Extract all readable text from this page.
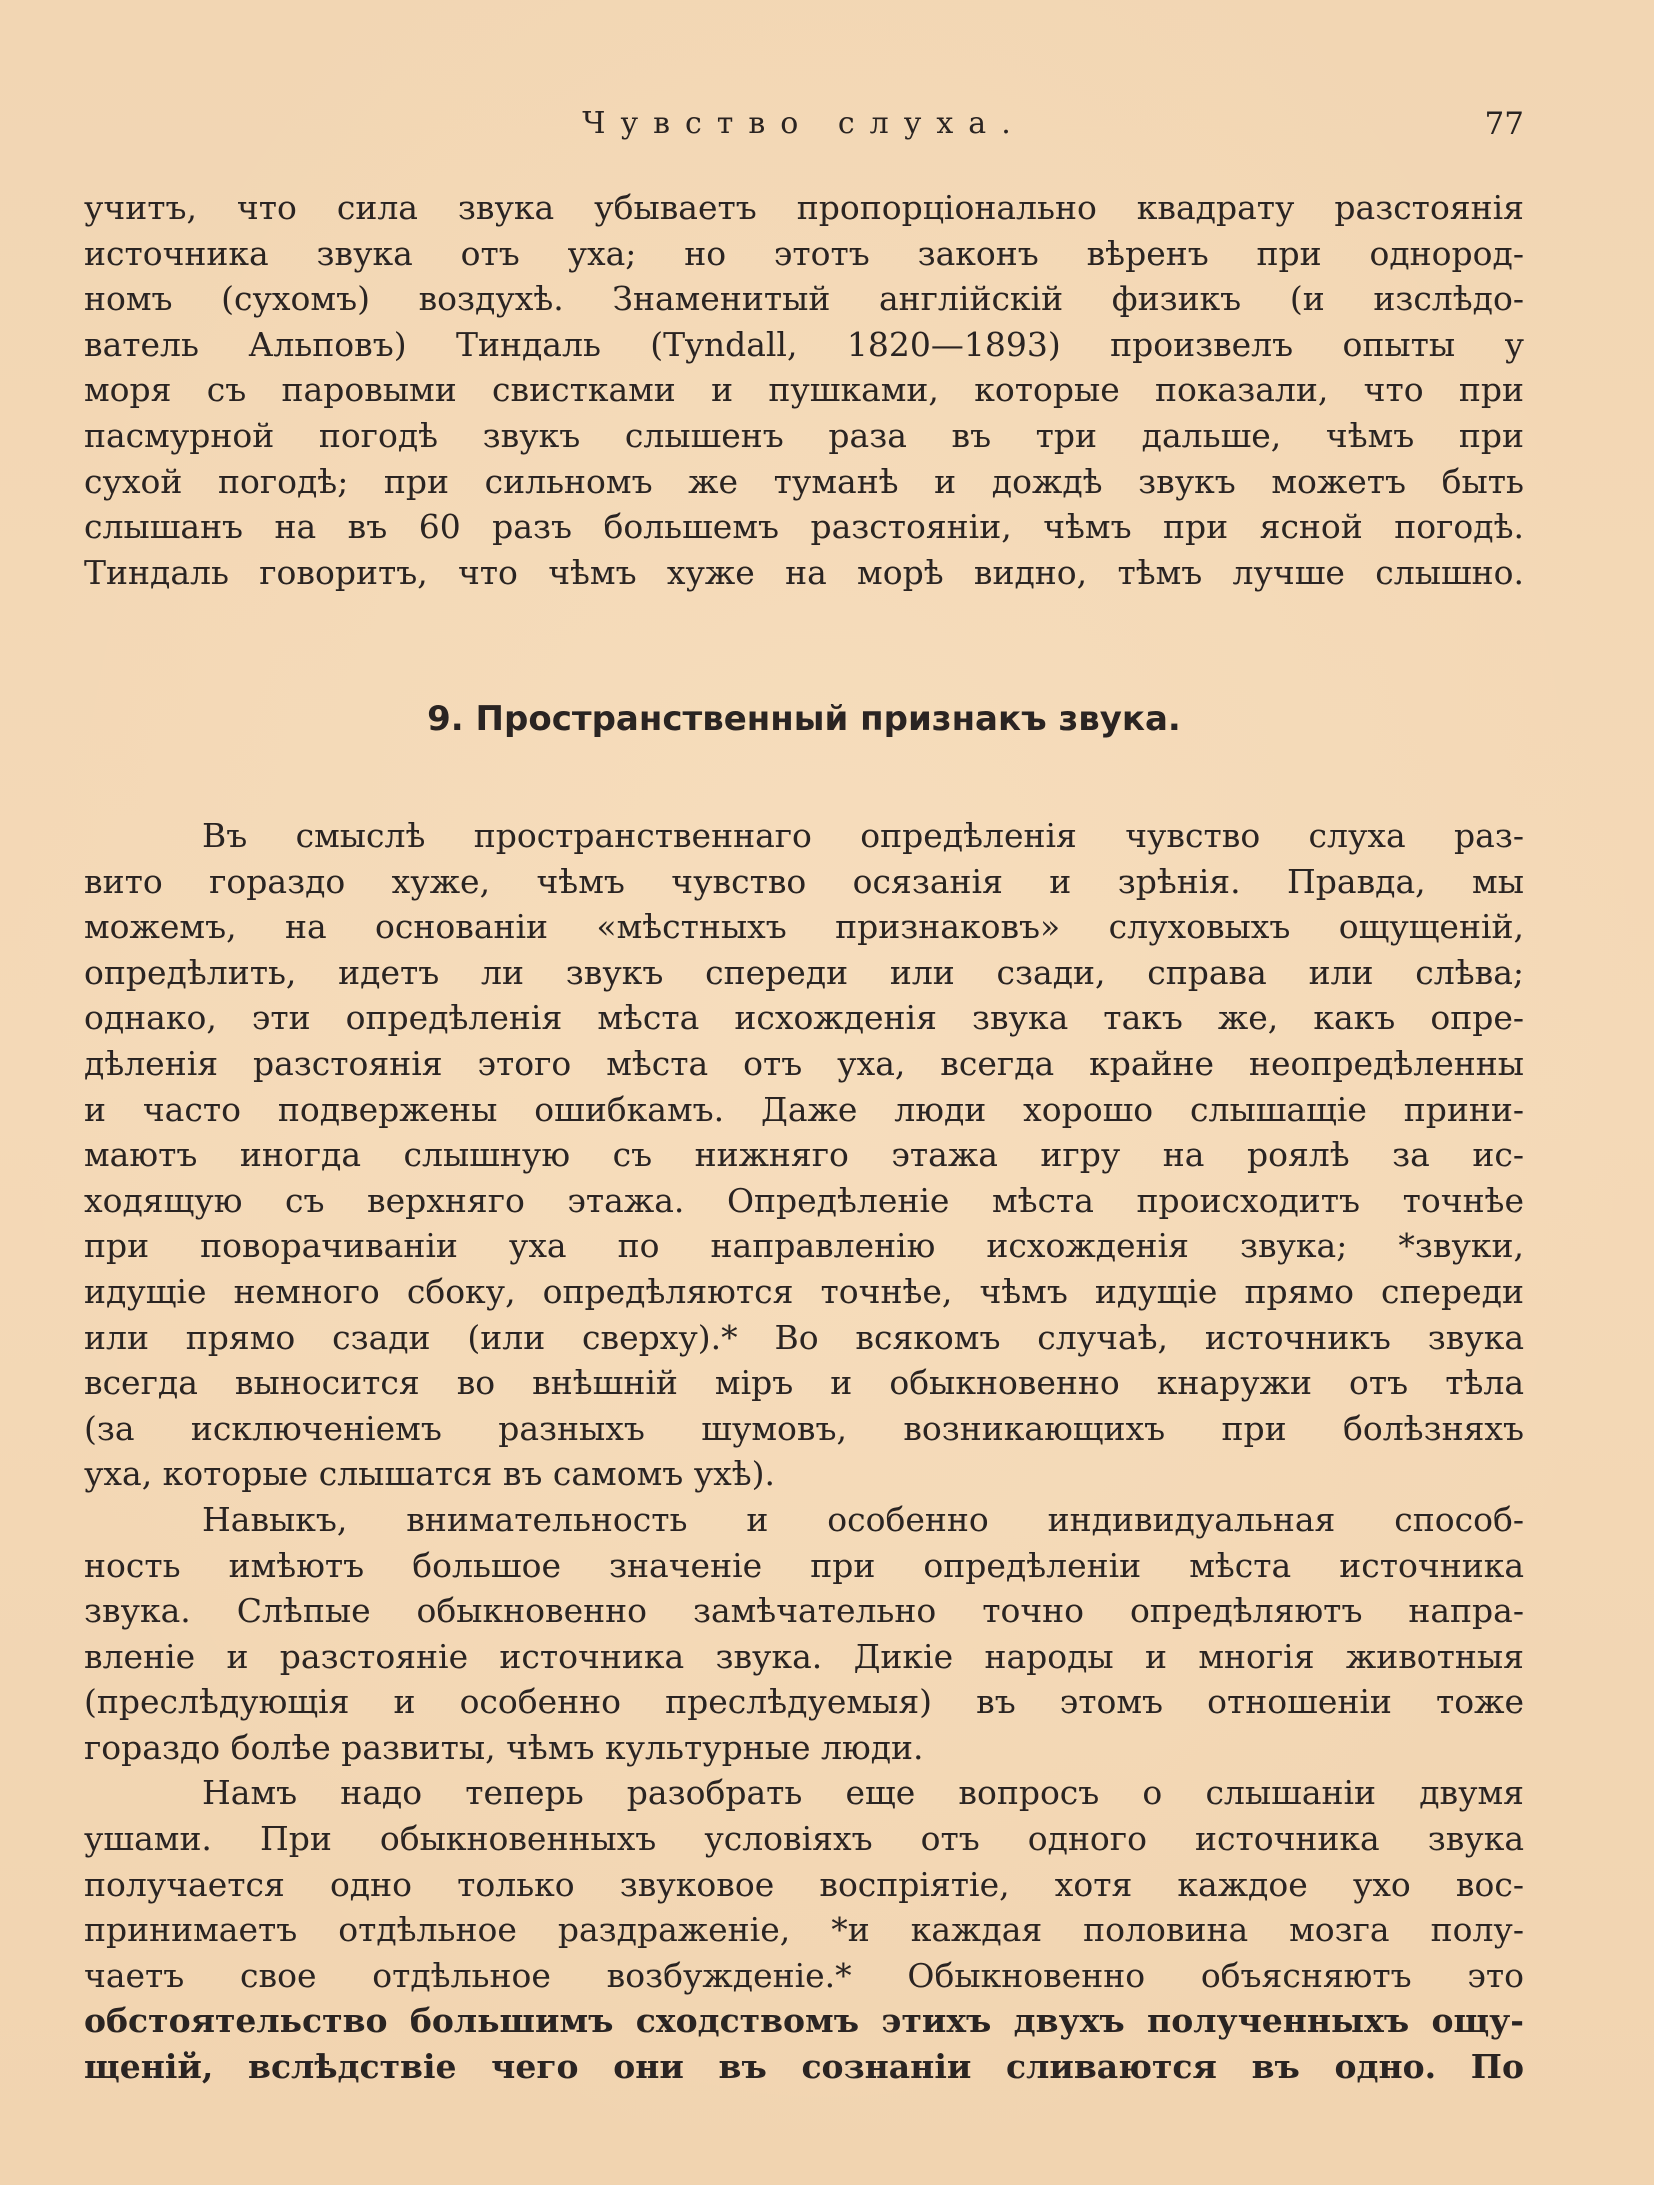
Чувство слуха.	77
учитъ, что сила звука убываетъ пропорціонально квадрату разстоянія
источника звука отъ уха; но этотъ законъ вѣренъ при однород-
номъ (сухомъ) воздухѣ. Знаменитый англійскій физикъ (и изслѣдо-
ватель Альповъ) Тиндаль (Tyndall, 1820—1893) произвелъ опыты у
моря съ паровыми свистками и пушками, которые показали, что при
пасмурной погодѣ звукъ слышенъ раза въ три дальше, чѣмъ при
сухой погодѣ; при сильномъ же туманѣ и дождѣ звукъ можетъ быть
слышанъ на въ 60 разъ большемъ разстояніи, чѣмъ при ясной погодѣ.
Тиндаль говоритъ, что чѣмъ хуже на морѣ видно, тѣмъ лучше слышно.
9. Пространственный признакъ звука.
Въ смыслѣ пространственнаго опредѣленія чувство слуха раз-
вито гораздо хуже, чѣмъ чувство осязанія и зрѣнія. Правда, мы
можемъ, на основаніи «мѣстныхъ признаковъ» слуховыхъ ощущеній,
опредѣлить, идетъ ли звукъ спереди или сзади, справа или слѣва;
однако, эти опредѣленія мѣста исхожденія звука такъ же, какъ опре-
дѣленія разстоянія этого мѣста отъ уха, всегда крайне неопредѣленны
и часто подвержены ошибкамъ. Даже люди хорошо слышащіе прини-
маютъ иногда слышную съ нижняго этажа игру на роялѣ за ис-
ходящую съ верхняго этажа. Опредѣленіе мѣста происходитъ точнѣе
при поворачиваніи уха по направленію исхожденія звука; *звуки,
идущіе немного сбоку, опредѣляются точнѣе, чѣмъ идущіе прямо спереди
или прямо сзади (или сверху).* Во всякомъ случаѣ, источникъ звука
всегда выносится во внѣшній міръ и обыкновенно кнаружи отъ тѣла
(за исключеніемъ разныхъ шумовъ, возникающихъ при болѣзняхъ
уха, которые слышатся въ самомъ ухѣ).
Навыкъ, внимательность и особенно индивидуальная способ-
ность имѣютъ большое значеніе при опредѣленіи мѣста источника
звука. Слѣпые обыкновенно замѣчательно точно опредѣляютъ напра-
вленіе и разстояніе источника звука. Дикіе народы и многія животныя
(преслѣдующія и особенно преслѣдуемыя) въ этомъ отношеніи тоже
гораздо болѣе развиты, чѣмъ культурные люди.
Намъ надо теперь разобрать еще вопросъ о слышаніи двумя
ушами. При обыкновенныхъ условіяхъ отъ одного источника звука
получается одно только звуковое воспріятіе, хотя каждое ухо вос-
принимаетъ отдѣльное раздраженіе, *и каждая половина мозга полу-
чаетъ свое отдѣльное возбужденіе.* Обыкновенно объясняютъ это
обстоятельство большимъ сходствомъ этихъ двухъ полученныхъ ощу-
щеній, вслѣдствіе чего они въ сознаніи сливаются въ одно. По
